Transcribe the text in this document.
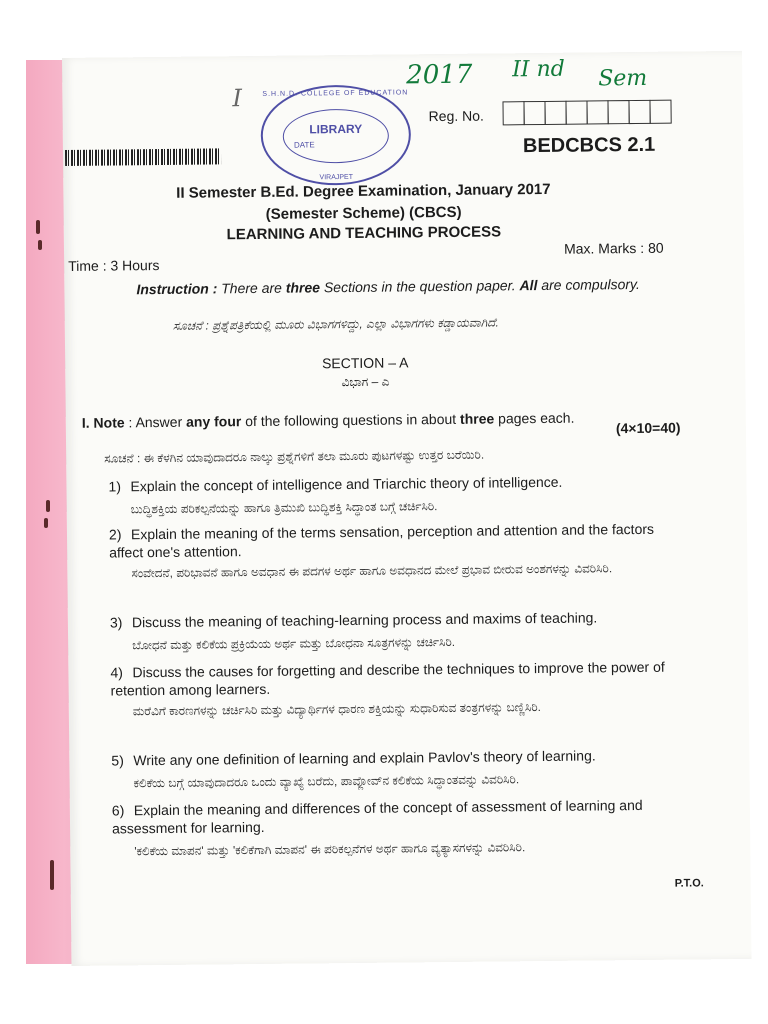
I
2017 II nd Sem
S.H.N.D. COLLEGE OF EDUCATION
LIBRARY
DATE
VIRAJPET
Reg. No.
BEDCBCS 2.1
II Semester B.Ed. Degree Examination, January 2017
(Semester Scheme) (CBCS)
LEARNING AND TEACHING PROCESS
Time : 3 Hours
Max. Marks : 80
Instruction : There are three Sections in the question paper. All are compulsory.
ಸೂಚನೆ : ಪ್ರಶ್ನೆಪತ್ರಿಕೆಯಲ್ಲಿ ಮೂರು ವಿಭಾಗಗಳಿದ್ದು, ಎಲ್ಲಾ ವಿಭಾಗಗಳು ಕಡ್ಡಾಯವಾಗಿದೆ.
SECTION – A
ವಿಭಾಗ – ಎ
I. Note : Answer any four of the following questions in about three pages each.
(4×10=40)
ಸೂಚನೆ : ಈ ಕೆಳಗಿನ ಯಾವುದಾದರೂ ನಾಲ್ಕು ಪ್ರಶ್ನೆಗಳಿಗೆ ತಲಾ ಮೂರು ಪುಟಗಳಷ್ಟು ಉತ್ತರ ಬರೆಯಿರಿ.
1) Explain the concept of intelligence and Triarchic theory of intelligence.
ಬುದ್ಧಿಶಕ್ತಿಯ ಪರಿಕಲ್ಪನೆಯನ್ನು ಹಾಗೂ ತ್ರಿಮುಖಿ ಬುದ್ಧಿಶಕ್ತಿ ಸಿದ್ಧಾಂತ ಬಗ್ಗೆ ಚರ್ಚಿಸಿರಿ.
2) Explain the meaning of the terms sensation, perception and attention and the factors affect one's attention.
ಸಂವೇದನೆ, ಪರಿಭಾವನೆ ಹಾಗೂ ಅವಧಾನ ಈ ಪದಗಳ ಅರ್ಥ ಹಾಗೂ ಅವಧಾನದ ಮೇಲೆ ಪ್ರಭಾವ ಬೀರುವ ಅಂಶಗಳನ್ನು ವಿವರಿಸಿರಿ.
3) Discuss the meaning of teaching-learning process and maxims of teaching.
ಬೋಧನೆ ಮತ್ತು ಕಲಿಕೆಯ ಪ್ರಕ್ರಿಯೆಯ ಅರ್ಥ ಮತ್ತು ಬೋಧನಾ ಸೂತ್ರಗಳನ್ನು ಚರ್ಚಿಸಿರಿ.
4) Discuss the causes for forgetting and describe the techniques to improve the power of retention among learners.
ಮರೆವಿಗೆ ಕಾರಣಗಳನ್ನು ಚರ್ಚಿಸಿರಿ ಮತ್ತು ವಿದ್ಯಾರ್ಥಿಗಳ ಧಾರಣ ಶಕ್ತಿಯನ್ನು ಸುಧಾರಿಸುವ ತಂತ್ರಗಳನ್ನು ಬಣ್ಣಿಸಿರಿ.
5) Write any one definition of learning and explain Pavlov's theory of learning.
ಕಲಿಕೆಯ ಬಗ್ಗೆ ಯಾವುದಾದರೂ ಒಂದು ವ್ಯಾಖ್ಯೆ ಬರೆದು, ಪಾವ್ಲೋವ್‌ನ ಕಲಿಕೆಯ ಸಿದ್ಧಾಂತವನ್ನು ವಿವರಿಸಿರಿ.
6) Explain the meaning and differences of the concept of assessment of learning and assessment for learning.
'ಕಲಿಕೆಯ ಮಾಪನ' ಮತ್ತು 'ಕಲಿಕೆಗಾಗಿ ಮಾಪನ' ಈ ಪರಿಕಲ್ಪನೆಗಳ ಅರ್ಥ ಹಾಗೂ ವ್ಯತ್ಯಾಸಗಳನ್ನು ವಿವರಿಸಿರಿ.
P.T.O.
